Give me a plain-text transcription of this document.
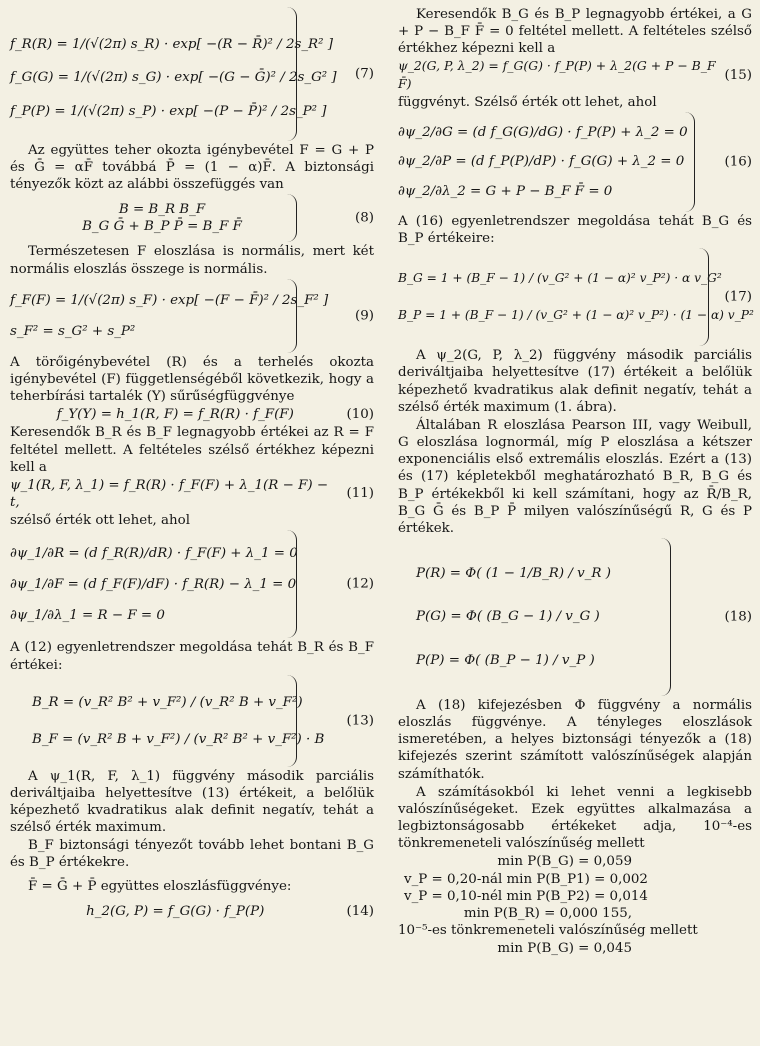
f_R(R) = 1/(√(2π) s_R) · exp[ −(R − R̄)² / 2s_R² ]
f_G(G) = 1/(√(2π) s_G) · exp[ −(G − Ḡ)² / 2s_G² ]
f_P(P) = 1/(√(2π) s_P) · exp[ −(P − P̄)² / 2s_P² ]
(7)

Az együttes teher okozta igénybevétel F = G + P és Ḡ = αF̄ továbbá P̄ = (1 − α)F̄. A biztonsági tényezők közt az alábbi összefüggés van

B = B_R B_F
B_G Ḡ + B_P P̄ = B_F F̄
(8)

Természetesen F eloszlása is normális, mert két normális eloszlás összege is normális.

f_F(F) = 1/(√(2π) s_F) · exp[ −(F − F̄)² / 2s_F² ]
s_F² = s_G² + s_P²
(9)

A törőigénybevétel (R) és a terhelés okozta igénybevétel (F) függetlenségéből következik, hogy a teherbírási tartalék (Y) sűrűségfüggvénye

f_Y(Y) = h_1(R, F) = f_R(R) · f_F(F)	(10)

Keresendők B_R és B_F legnagyobb értékei az R = F feltétel mellett. A feltételes szélső értékhez képezni kell a

ψ_1(R, F, λ_1) = f_R(R) · f_F(F) + λ_1(R − F) − t,
(11)

szélső érték ott lehet, ahol

∂ψ_1/∂R = (d f_R(R)/dR) · f_F(F) + λ_1 = 0
∂ψ_1/∂F = (d f_F(F)/dF) · f_R(R) − λ_1 = 0
∂ψ_1/∂λ_1 = R − F = 0
(12)

A (12) egyenletrendszer megoldása tehát B_R és B_F értékei:

B_R = (v_R² B² + v_F²) / (v_R² B + v_F²)
B_F = (v_R² B + v_F²) / (v_R² B² + v_F²) · B
(13)

A ψ_1(R, F, λ_1) függvény második parciális deriváltjaiba helyettesítve (13) értékeit, a belőlük képezhető kvadratikus alak definit negatív, tehát a szélső érték maximum.

B_F biztonsági tényezőt tovább lehet bontani B_G és B_P értékekre.

F̄ = Ḡ + P̄ együttes eloszlásfüggvénye:

h_2(G, P) = f_G(G) · f_P(P)	(14)

Keresendők B_G és B_P legnagyobb értékei, a G + P − B_F F̄ = 0 feltétel mellett. A feltételes szélső értékhez képezni kell a

ψ_2(G, P, λ_2) = f_G(G) · f_P(P) + λ_2(G + P − B_F F̄)
(15)

függvényt. Szélső érték ott lehet, ahol

∂ψ_2/∂G = (d f_G(G)/dG) · f_P(P) + λ_2 = 0
∂ψ_2/∂P = (d f_P(P)/dP) · f_G(G) + λ_2 = 0
∂ψ_2/∂λ_2 = G + P − B_F F̄ = 0
(16)

A (16) egyenletrendszer megoldása tehát B_G és B_P értékeire:

B_G = 1 + (B_F − 1) / (v_G² + (1 − α)² v_P²) · α v_G²
B_P = 1 + (B_F − 1) / (v_G² + (1 − α)² v_P²) · (1 − α) v_P²
(17)

A ψ_2(G, P, λ_2) függvény második parciális deriváltjaiba helyettesítve (17) értékeit a belőlük képezhető kvadratikus alak definit negatív, tehát a szélső érték maximum (1. ábra).

Általában R eloszlása Pearson III, vagy Weibull, G eloszlása lognormál, míg P eloszlása a kétszer exponenciális első extremális eloszlás. Ezért a (13) és (17) képletekből meghatározható B_R, B_G és B_P értékekből ki kell számítani, hogy az R̄/B_R, B_G Ḡ és B_P P̄ milyen valószínűségű R, G és P értékek.

P(R) = Φ( (1 − 1/B_R) / v_R )
P(G) = Φ( (B_G − 1) / v_G )
P(P) = Φ( (B_P − 1) / v_P )
(18)

A (18) kifejezésben Φ függvény a normális eloszlás függvénye. A tényleges eloszlások ismeretében, a helyes biztonsági tényezők a (18) kifejezés szerint számított valószínűségek alapján számíthatók.

A számításokból ki lehet venni a legkisebb valószínűségeket. Ezek együttes alkalmazása a legbiztonságosabb értékeket adja, 10⁻⁴-es tönkremeneteli valószínűség mellett

min P(B_G) = 0,059
v_P = 0,20-nál min P(B_P1) = 0,002
v_P = 0,10-nél min P(B_P2) = 0,014
min P(B_R) = 0,000 155,

10⁻⁵-es tönkremeneteli valószínűség mellett

min P(B_G) = 0,045
